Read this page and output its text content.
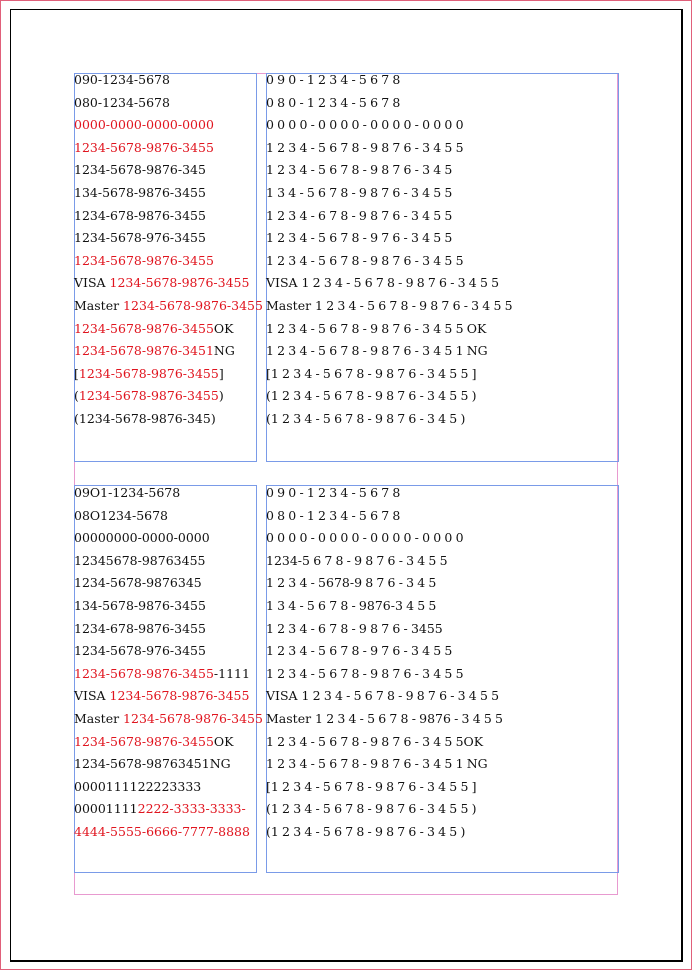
090-1234-5678
080-1234-5678
0000-0000-0000-0000
1234-5678-9876-3455
1234-5678-9876-345
134-5678-9876-3455
1234-678-9876-3455
1234-5678-976-3455
1234-5678-9876-3455
VISA 1234-5678-9876-3455
Master 1234-5678-9876-3455
1234-5678-9876-3455OK
1234-5678-9876-3451NG
[1234-5678-9876-3455]
(1234-5678-9876-3455)
(1234-5678-9876-345)
090-1234-5678
080-1234-5678
0000-0000-0000-0000
1234-5678-9876-3455
1234-5678-9876-345
134-5678-9876-3455
1234-678-9876-3455
1234-5678-976-3455
1234-5678-9876-3455
VISA 1234-5678-9876-3455
Master 1234-5678-9876-3455
1234-5678-9876-3455OK
1234-5678-9876-3451NG
[1234-5678-9876-3455]
(1234-5678-9876-3455)
(1234-5678-9876-345)
09O1-1234-5678
08O1234-5678
00000000-0000-0000
12345678-98763455
1234-5678-9876345
134-5678-9876-3455
1234-678-9876-3455
1234-5678-976-3455
1234-5678-9876-3455-1111
VISA 1234-5678-9876-3455
Master 1234-5678-9876-3455
1234-5678-9876-3455OK
1234-5678-98763451NG
0000111122223333
000011112222-3333-3333-
4444-5555-6666-7777-8888
090-1234-5678
080-1234-5678
0000-0000-0000-0000
1234-5678-9876-3455
1234-5678-9876-345
134-5678-9876-3455
1234-678-9876-3455
1234-5678-976-3455
1234-5678-9876-3455
VISA 1234-5678-9876-3455
Master 1234-5678-9876-3455
1234-5678-9876-3455OK
1234-5678-9876-3451NG
[1234-5678-9876-3455]
(1234-5678-9876-3455)
(1234-5678-9876-345)
